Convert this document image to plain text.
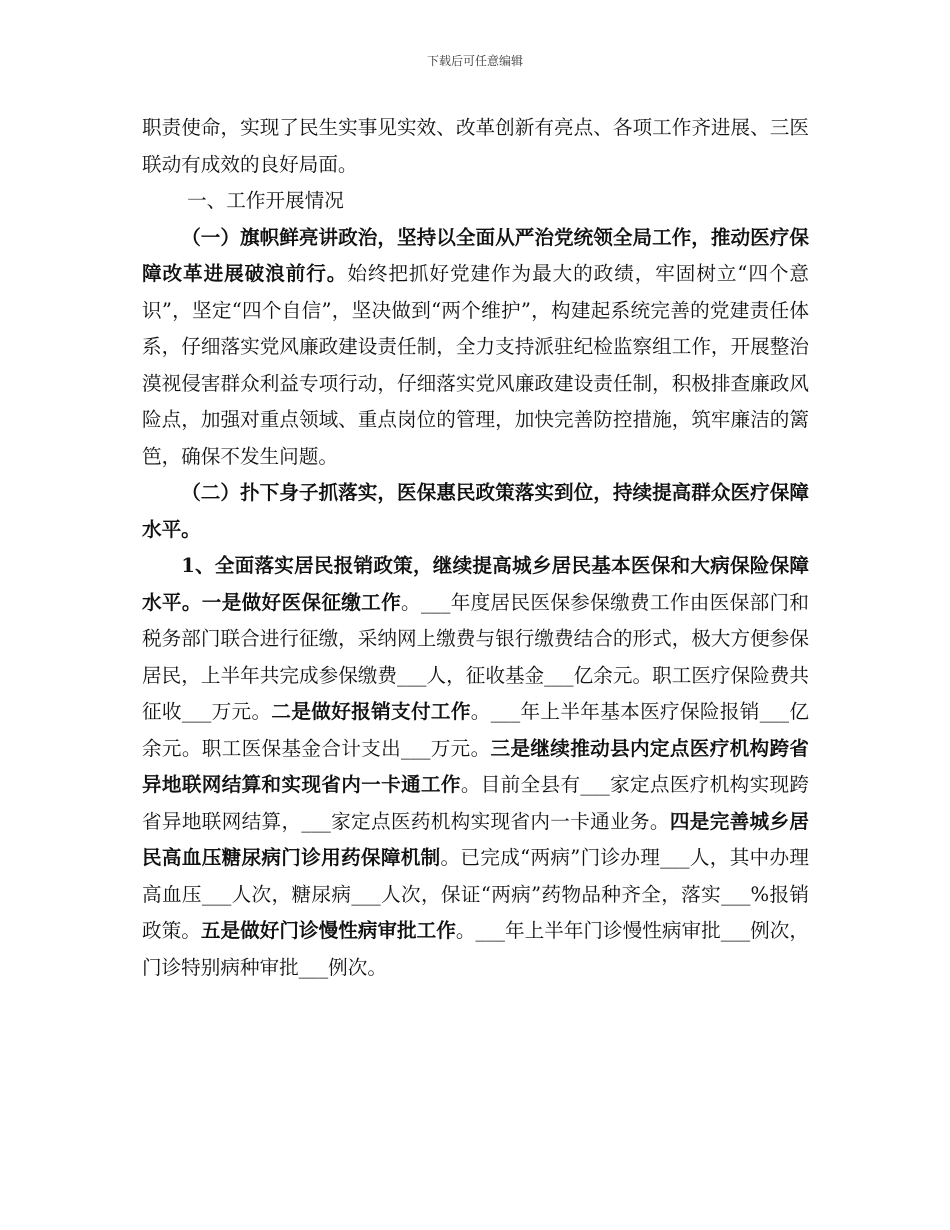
下载后可任意编辑

职责使命，实现了民生实事见实效、改革创新有亮点、各项工作齐进展、三医联动有成效的良好局面。

一、工作开展情况

（一）旗帜鲜亮讲政治，坚持以全面从严治党统领全局工作，推动医疗保障改革进展破浪前行。始终把抓好党建作为最大的政绩，牢固树立“四个意识”，坚定“四个自信”，坚决做到“两个维护”，构建起系统完善的党建责任体系，仔细落实党风廉政建设责任制，全力支持派驻纪检监察组工作，开展整治漠视侵害群众利益专项行动，仔细落实党风廉政建设责任制，积极排查廉政风险点，加强对重点领域、重点岗位的管理，加快完善防控措施，筑牢廉洁的篱笆，确保不发生问题。

（二）扑下身子抓落实，医保惠民政策落实到位，持续提高群众医疗保障水平。

1、全面落实居民报销政策，继续提高城乡居民基本医保和大病保险保障水平。一是做好医保征缴工作。___年度居民医保参保缴费工作由医保部门和税务部门联合进行征缴，采纳网上缴费与银行缴费结合的形式，极大方便参保居民，上半年共完成参保缴费___人，征收基金___亿余元。职工医疗保险费共征收___万元。二是做好报销支付工作。___年上半年基本医疗保险报销___亿余元。职工医保基金合计支出___万元。三是继续推动县内定点医疗机构跨省异地联网结算和实现省内一卡通工作。目前全县有___家定点医疗机构实现跨省异地联网结算，___家定点医药机构实现省内一卡通业务。四是完善城乡居民高血压糖尿病门诊用药保障机制。已完成“两病”门诊办理___人，其中办理高血压___人次，糖尿病___人次，保证“两病”药物品种齐全，落实___%报销政策。五是做好门诊慢性病审批工作。___年上半年门诊慢性病审批___例次，门诊特别病种审批___例次。
